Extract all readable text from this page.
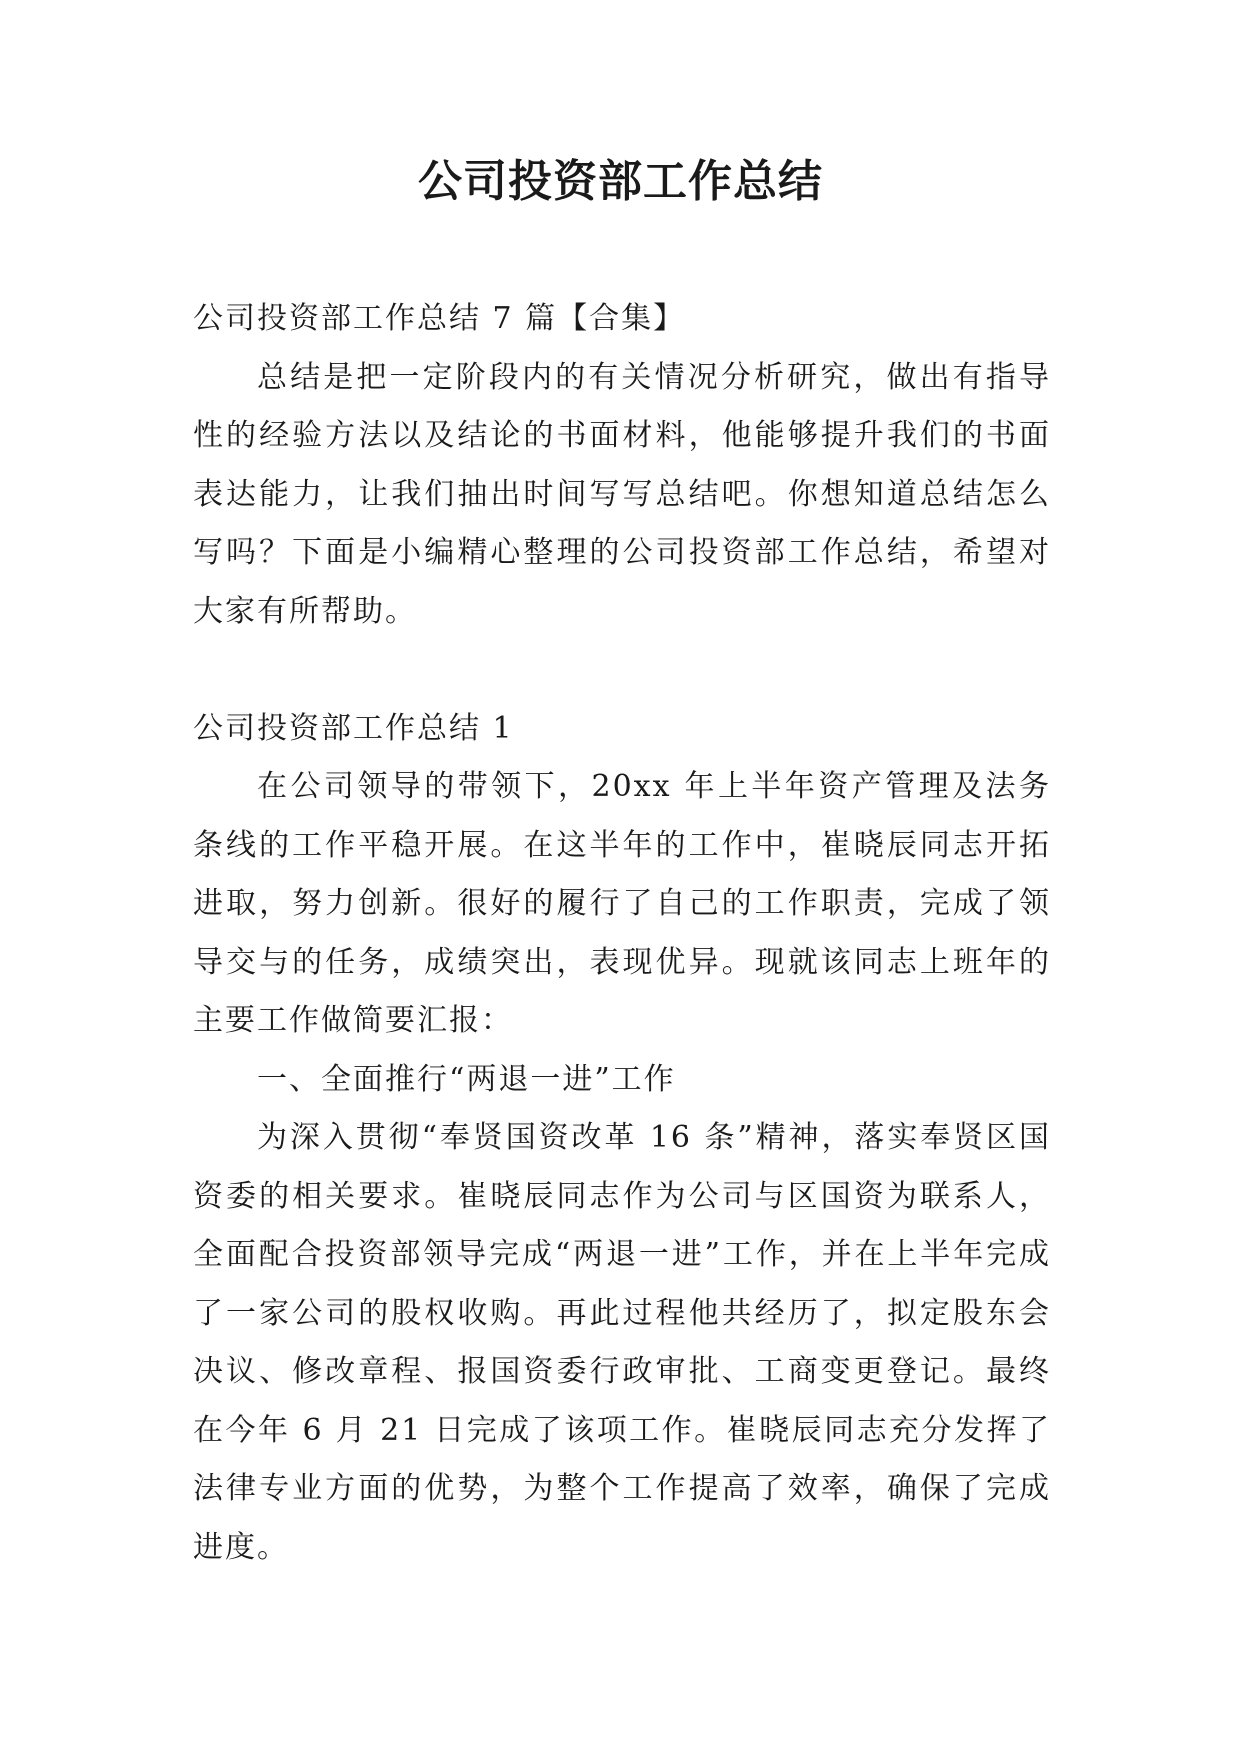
公司投资部工作总结

公司投资部工作总结 7 篇【合集】

总结是把一定阶段内的有关情况分析研究，做出有指导性的经验方法以及结论的书面材料，他能够提升我们的书面表达能力，让我们抽出时间写写总结吧。你想知道总结怎么写吗？下面是小编精心整理的公司投资部工作总结，希望对大家有所帮助。

公司投资部工作总结 1

在公司领导的带领下，20xx 年上半年资产管理及法务条线的工作平稳开展。在这半年的工作中，崔晓辰同志开拓进取，努力创新。很好的履行了自己的工作职责，完成了领导交与的任务，成绩突出，表现优异。现就该同志上班年的主要工作做简要汇报：

一、全面推行“两退一进”工作

为深入贯彻“奉贤国资改革 16 条”精神，落实奉贤区国资委的相关要求。崔晓辰同志作为公司与区国资为联系人，全面配合投资部领导完成“两退一进”工作，并在上半年完成了一家公司的股权收购。再此过程他共经历了，拟定股东会决议、修改章程、报国资委行政审批、工商变更登记。最终在今年 6 月 21 日完成了该项工作。崔晓辰同志充分发挥了法律专业方面的优势，为整个工作提高了效率，确保了完成进度。
